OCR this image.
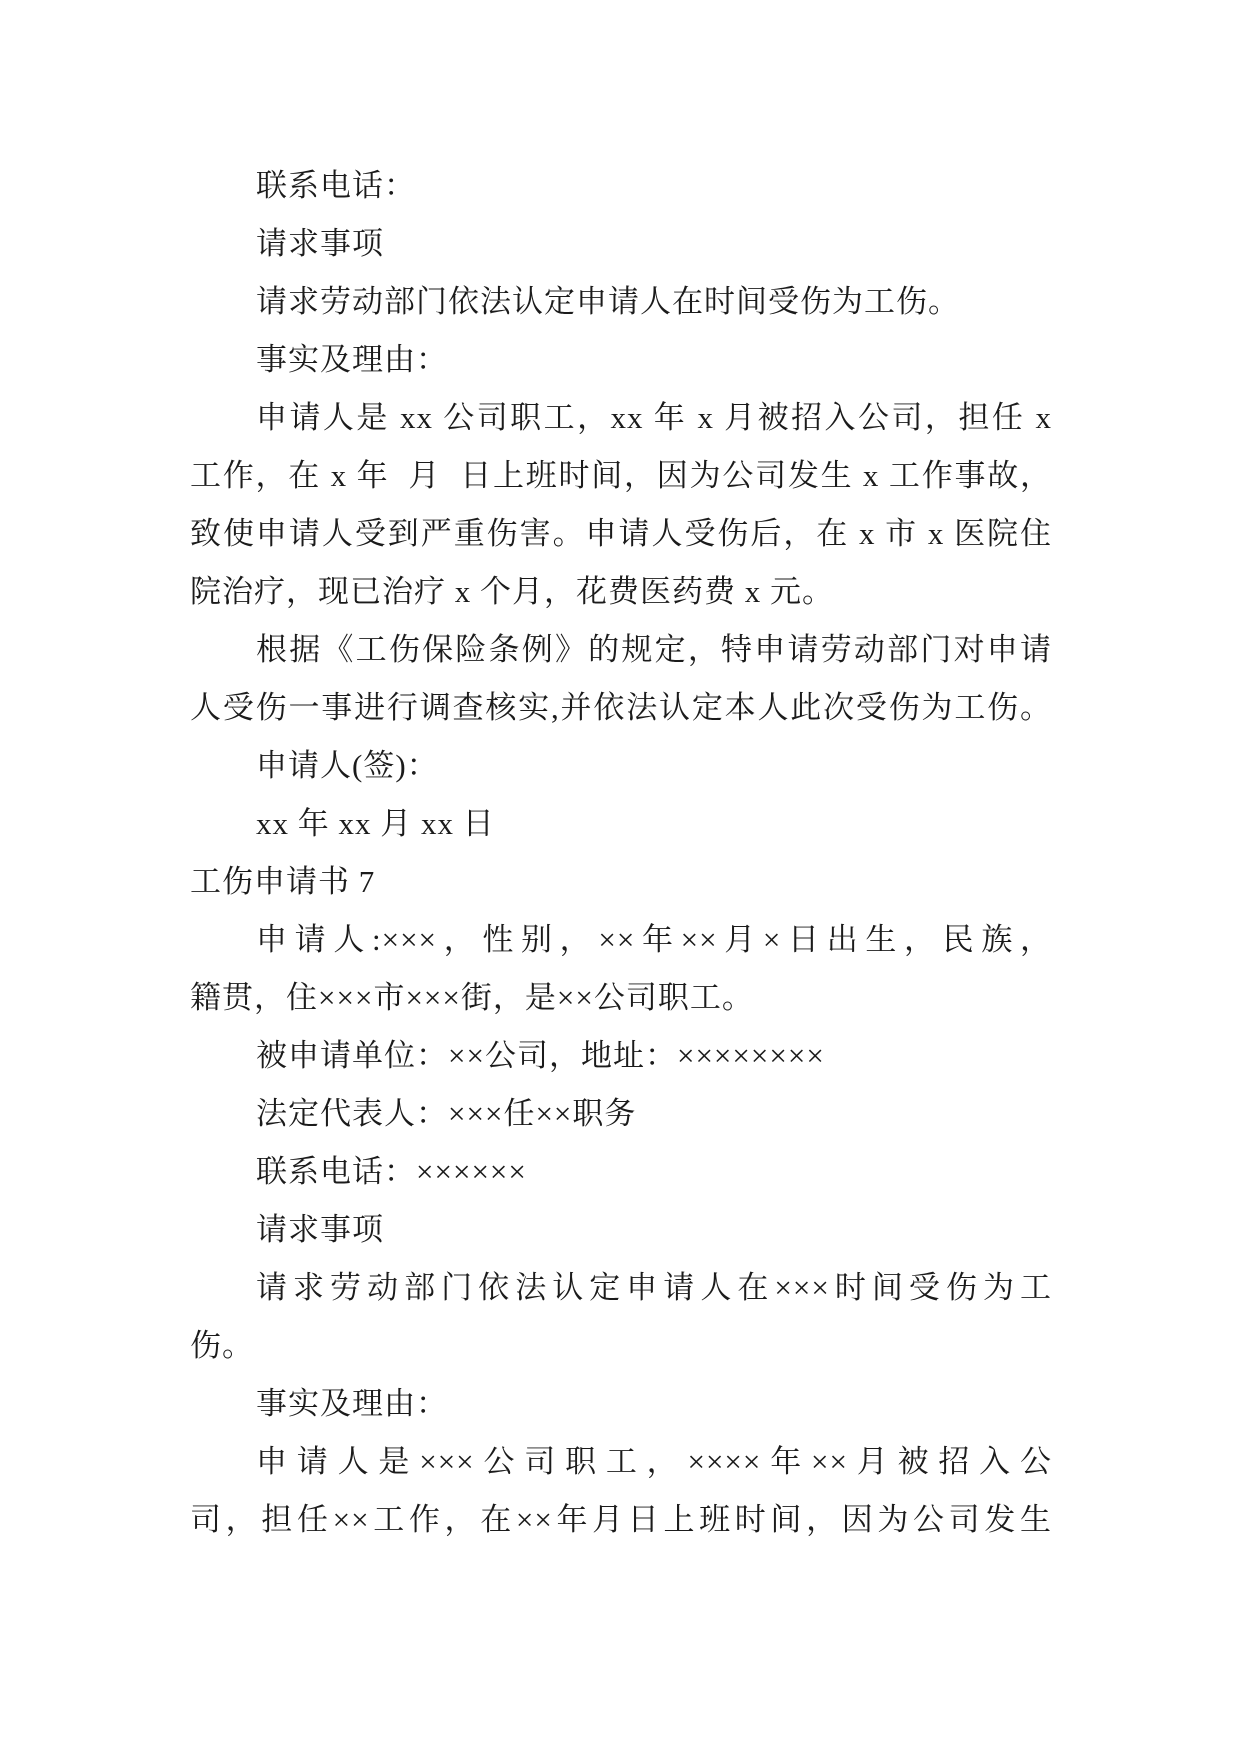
联系电话：
请求事项
请求劳动部门依法认定申请人在时间受伤为工伤。
事实及理由：
申请人是 xx 公司职工，xx 年 x 月被招入公司，担任 x
工作，在 x 年  月  日上班时间，因为公司发生 x 工作事故，
致使申请人受到严重伤害。申请人受伤后，在 x 市 x 医院住
院治疗，现已治疗 x 个月，花费医药费 x 元。
根据《工伤保险条例》的规定，特申请劳动部门对申请
人受伤一事进行调查核实,并依法认定本人此次受伤为工伤。
申请人(签)：
xx 年 xx 月 xx 日
工伤申请书 7
申请人:×××，性别，××年××月×日出生，民族，
籍贯，住×××市×××街，是××公司职工。
被申请单位：××公司，地址：××××××××
法定代表人：×××任××职务
联系电话：××××××
请求事项
请求劳动部门依法认定申请人在×××时间受伤为工
伤。
事实及理由：
申请人是×××公司职工，××××年××月被招入公
司，担任××工作，在××年月日上班时间，因为公司发生
